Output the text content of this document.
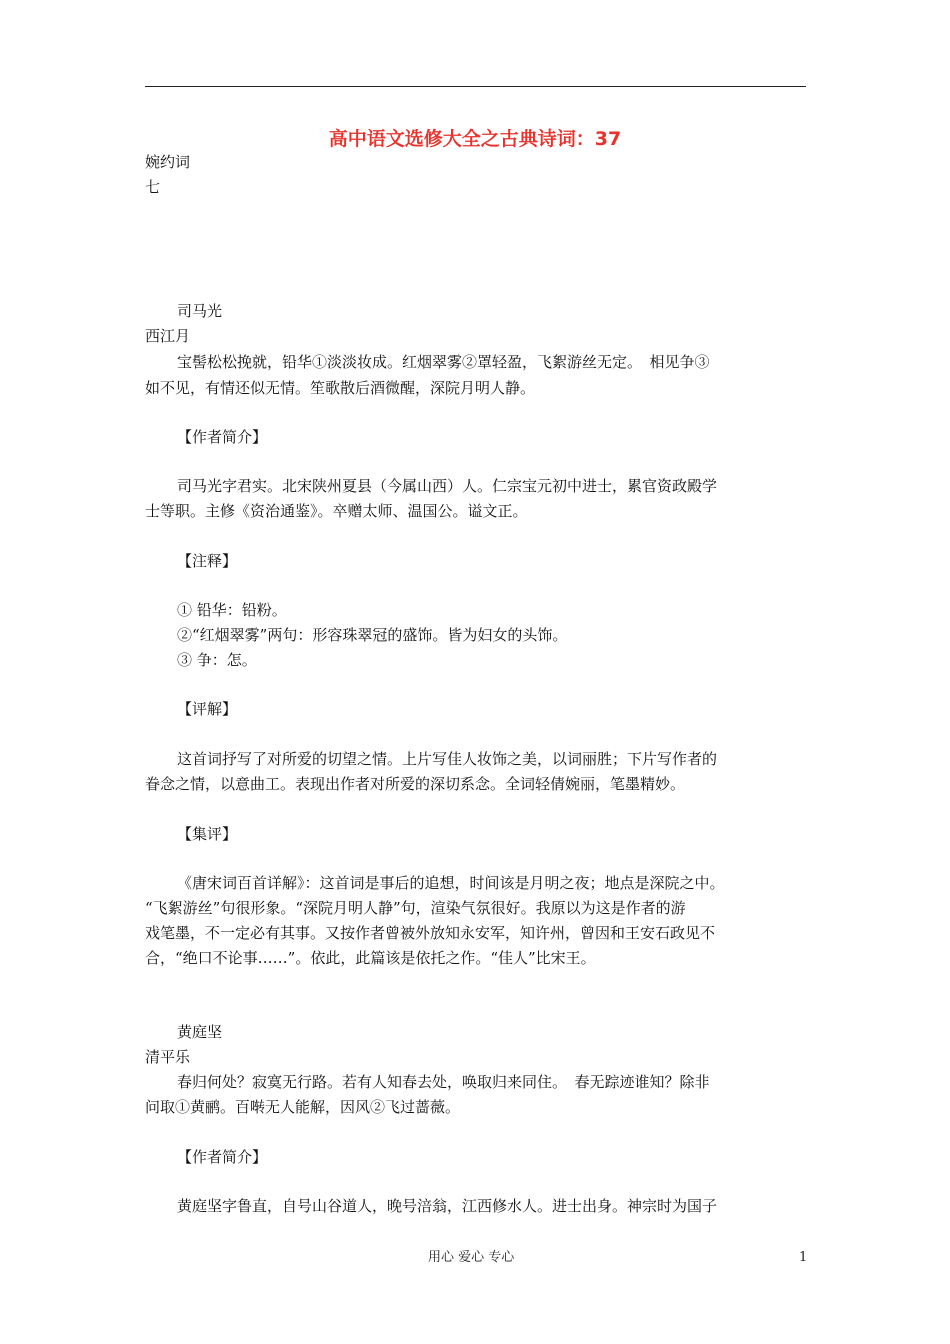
高中语文选修大全之古典诗词：37
婉约词
七
司马光
西江月
宝髻松松挽就，铅华①淡淡妆成。红烟翠雾②罩轻盈，飞絮游丝无定。　相见争③
如不见，有情还似无情。笙歌散后酒微醒，深院月明人静。
【作者简介】
司马光字君实。北宋陕州夏县（今属山西）人。仁宗宝元初中进士，累官资政殿学
士等职。主修《资治通鉴》。卒赠太师、温国公。谥文正。
【注释】
① 铅华：铅粉。
②“红烟翠雾”两句：形容珠翠冠的盛饰。皆为妇女的头饰。
③ 争：怎。
【评解】
这首词抒写了对所爱的切望之情。上片写佳人妆饰之美，以词丽胜；下片写作者的
眷念之情，以意曲工。表现出作者对所爱的深切系念。全词轻倩婉丽，笔墨精妙。
【集评】
《唐宋词百首详解》：这首词是事后的追想，时间该是月明之夜；地点是深院之中。
“飞絮游丝”句很形象。“深院月明人静”句，渲染气氛很好。我原以为这是作者的游
戏笔墨，不一定必有其事。又按作者曾被外放知永安军，知许州，曾因和王安石政见不
合，“绝口不论事……”。依此，此篇该是依托之作。“佳人”比宋王。
黄庭坚
清平乐
春归何处？寂寞无行路。若有人知春去处，唤取归来同住。　春无踪迹谁知？除非
问取①黄鹂。百啭无人能解，因风②飞过蔷薇。
【作者简介】
黄庭坚字鲁直，自号山谷道人，晚号涪翁，江西修水人。进士出身。神宗时为国子
用心 爱心 专心	1
